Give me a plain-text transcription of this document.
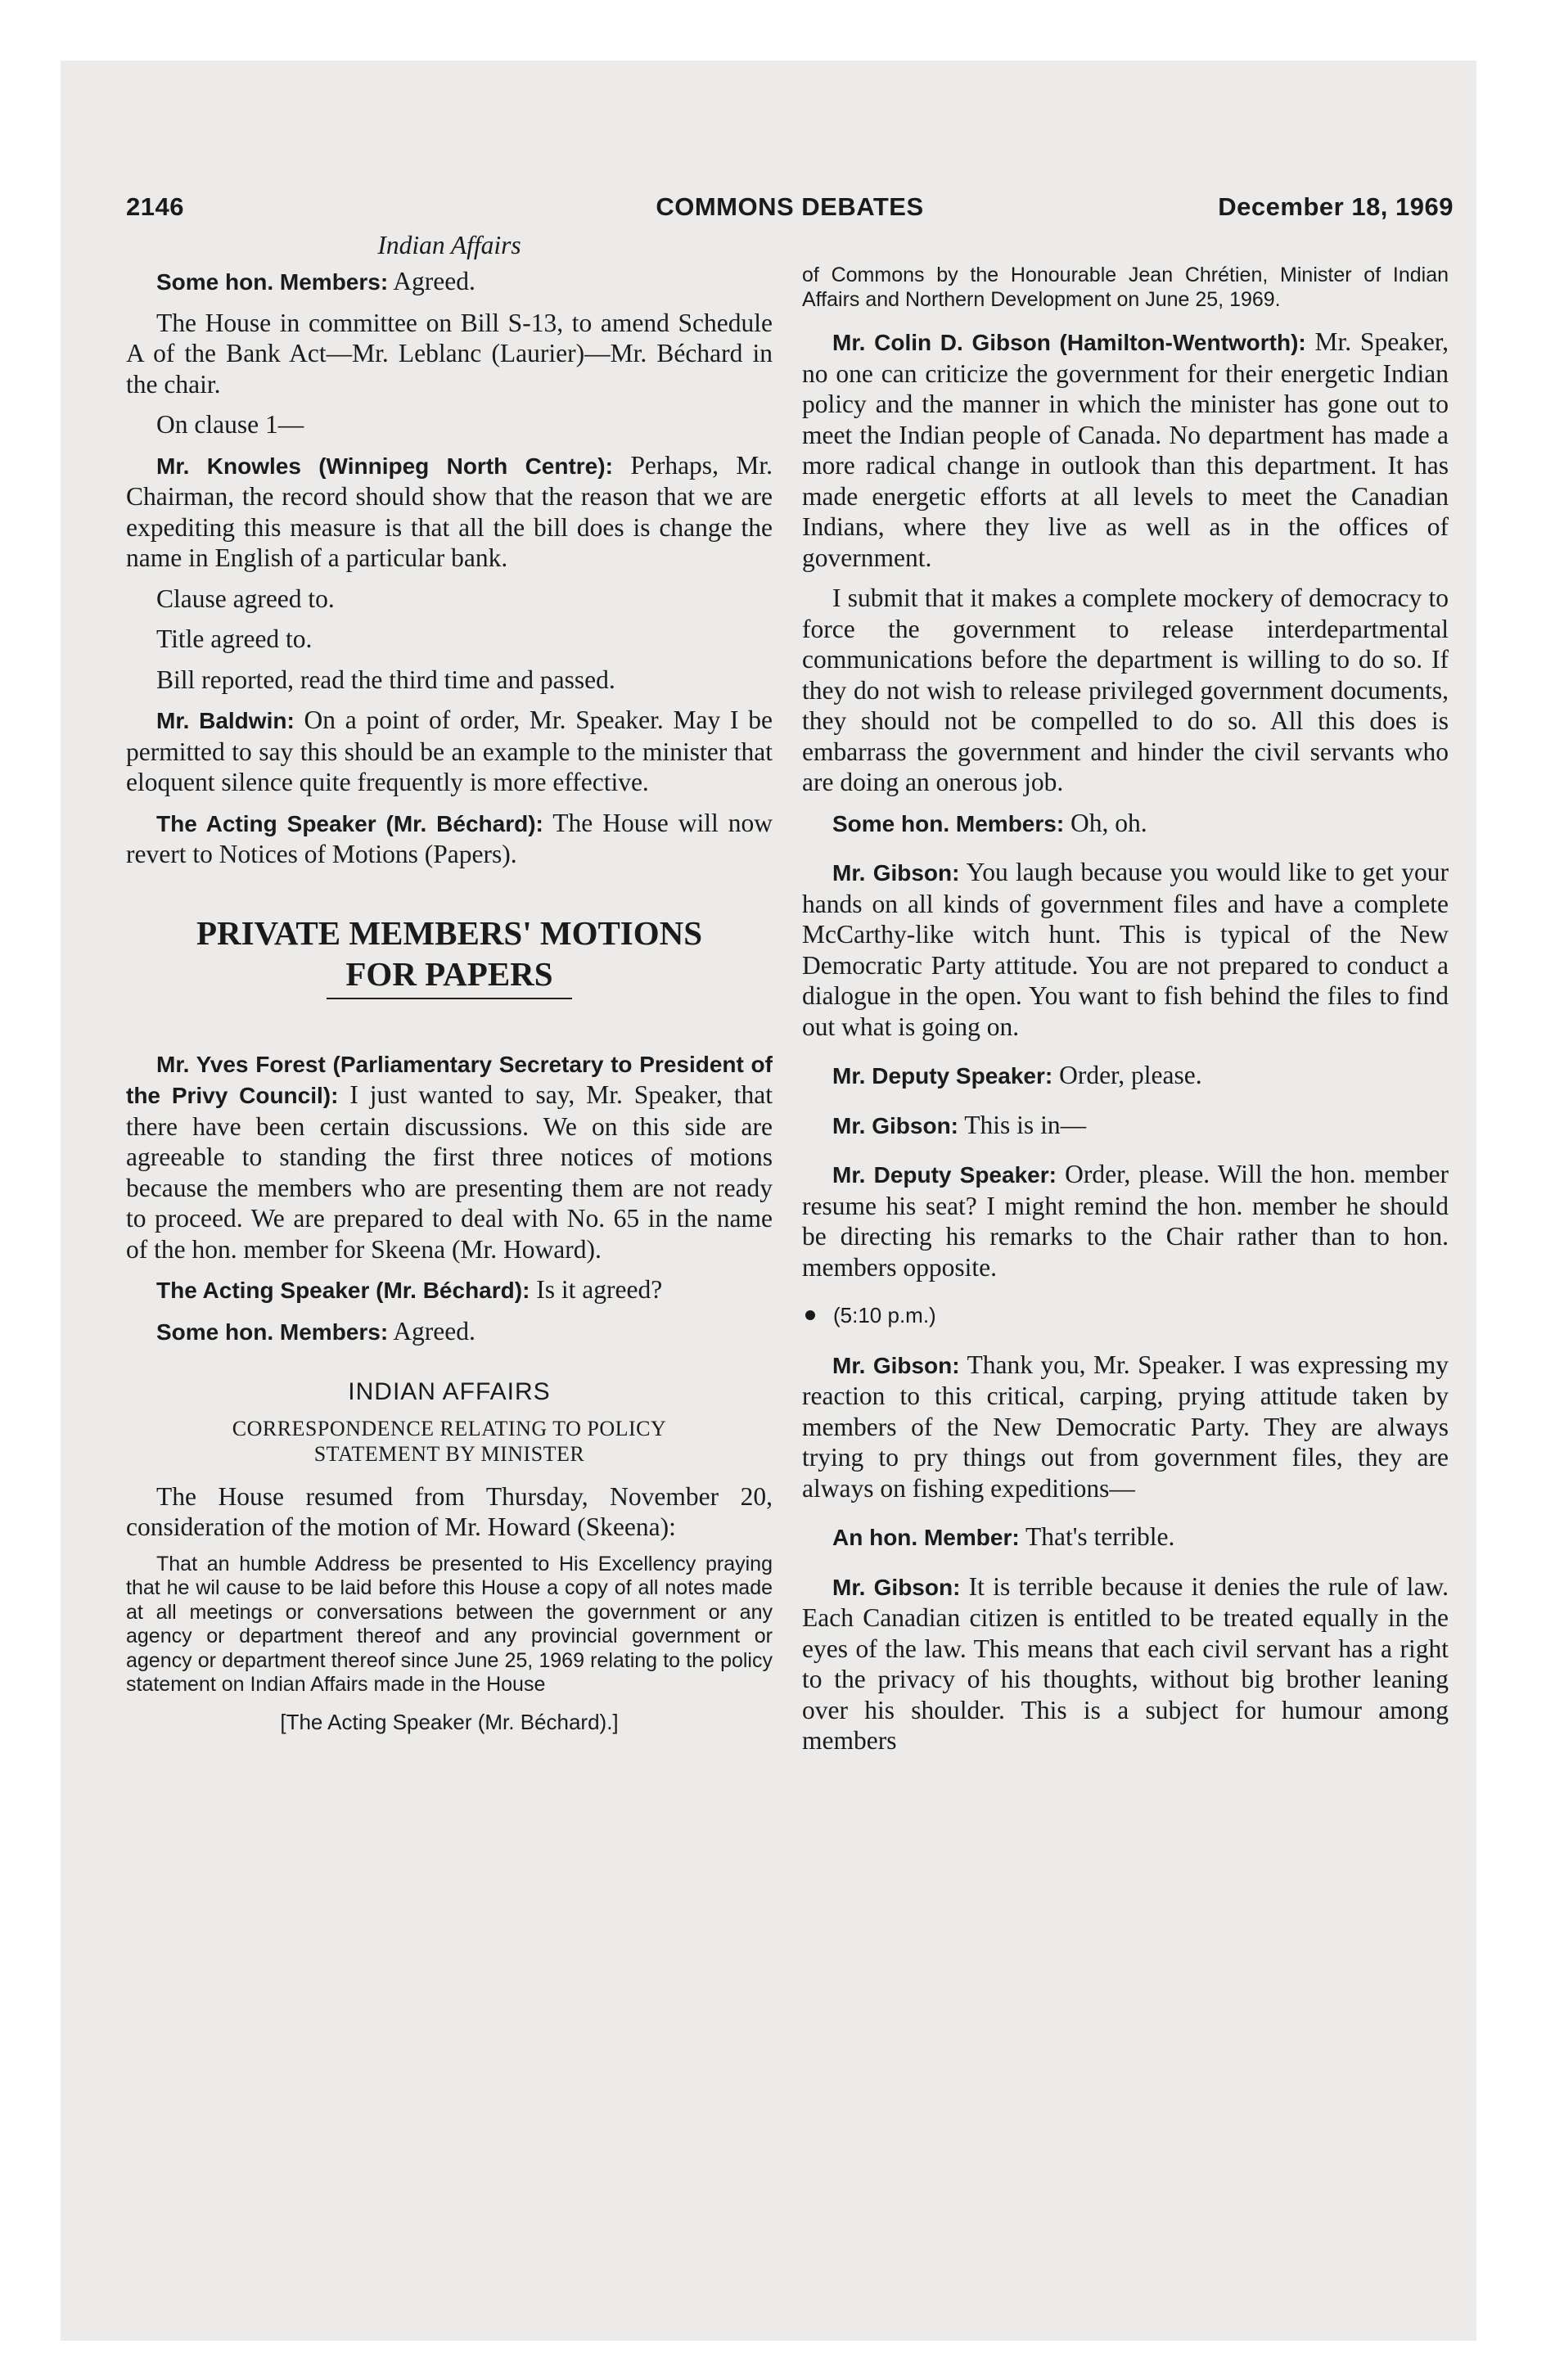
COMMONS DEBATES
2146	December 18, 1969
Indian Affairs

Some hon. Members: Agreed.

The House in committee on Bill S-13, to amend Schedule A of the Bank Act—Mr. Leblanc (Laurier)—Mr. Béchard in the chair.

On clause 1—

Mr. Knowles (Winnipeg North Centre): Perhaps, Mr. Chairman, the record should show that the reason that we are expediting this measure is that all the bill does is change the name in English of a particular bank.

Clause agreed to.

Title agreed to.

Bill reported, read the third time and passed.

Mr. Baldwin: On a point of order, Mr. Speaker. May I be permitted to say this should be an example to the minister that eloquent silence quite frequently is more effective.

The Acting Speaker (Mr. Béchard): The House will now revert to Notices of Motions (Papers).

PRIVATE MEMBERS' MOTIONS
FOR PAPERS

Mr. Yves Forest (Parliamentary Secretary to President of the Privy Council): I just wanted to say, Mr. Speaker, that there have been certain discussions. We on this side are agreeable to standing the first three notices of motions because the members who are presenting them are not ready to proceed. We are prepared to deal with No. 65 in the name of the hon. member for Skeena (Mr. Howard).

The Acting Speaker (Mr. Béchard): Is it agreed?

Some hon. Members: Agreed.

INDIAN AFFAIRS
CORRESPONDENCE RELATING TO POLICY
STATEMENT BY MINISTER

The House resumed from Thursday, November 20, consideration of the motion of Mr. Howard (Skeena):

That an humble Address be presented to His Excellency praying that he wil cause to be laid before this House a copy of all notes made at all meetings or conversations between the government or any agency or department thereof and any provincial government or agency or department thereof since June 25, 1969 relating to the policy statement on Indian Affairs made in the House
[The Acting Speaker (Mr. Béchard).]

of Commons by the Honourable Jean Chrétien, Minister of Indian Affairs and Northern Development on June 25, 1969.

Mr. Colin D. Gibson (Hamilton-Wentworth): Mr. Speaker, no one can criticize the government for their energetic Indian policy and the manner in which the minister has gone out to meet the Indian people of Canada. No department has made a more radical change in outlook than this department. It has made energetic efforts at all levels to meet the Canadian Indians, where they live as well as in the offices of government.

I submit that it makes a complete mockery of democracy to force the government to release interdepartmental communications before the department is willing to do so. If they do not wish to release privileged government documents, they should not be compelled to do so. All this does is embarrass the government and hinder the civil servants who are doing an onerous job.

Some hon. Members: Oh, oh.

Mr. Gibson: You laugh because you would like to get your hands on all kinds of government files and have a complete McCarthy-like witch hunt. This is typical of the New Democratic Party attitude. You are not prepared to conduct a dialogue in the open. You want to fish behind the files to find out what is going on.

Mr. Deputy Speaker: Order, please.

Mr. Gibson: This is in—

Mr. Deputy Speaker: Order, please. Will the hon. member resume his seat? I might remind the hon. member he should be directing his remarks to the Chair rather than to hon. members opposite.

(5:10 p.m.)

Mr. Gibson: Thank you, Mr. Speaker. I was expressing my reaction to this critical, carping, prying attitude taken by members of the New Democratic Party. They are always trying to pry things out from government files, they are always on fishing expeditions—

An hon. Member: That's terrible.

Mr. Gibson: It is terrible because it denies the rule of law. Each Canadian citizen is entitled to be treated equally in the eyes of the law. This means that each civil servant has a right to the privacy of his thoughts, without big brother leaning over his shoulder. This is a subject for humour among members
